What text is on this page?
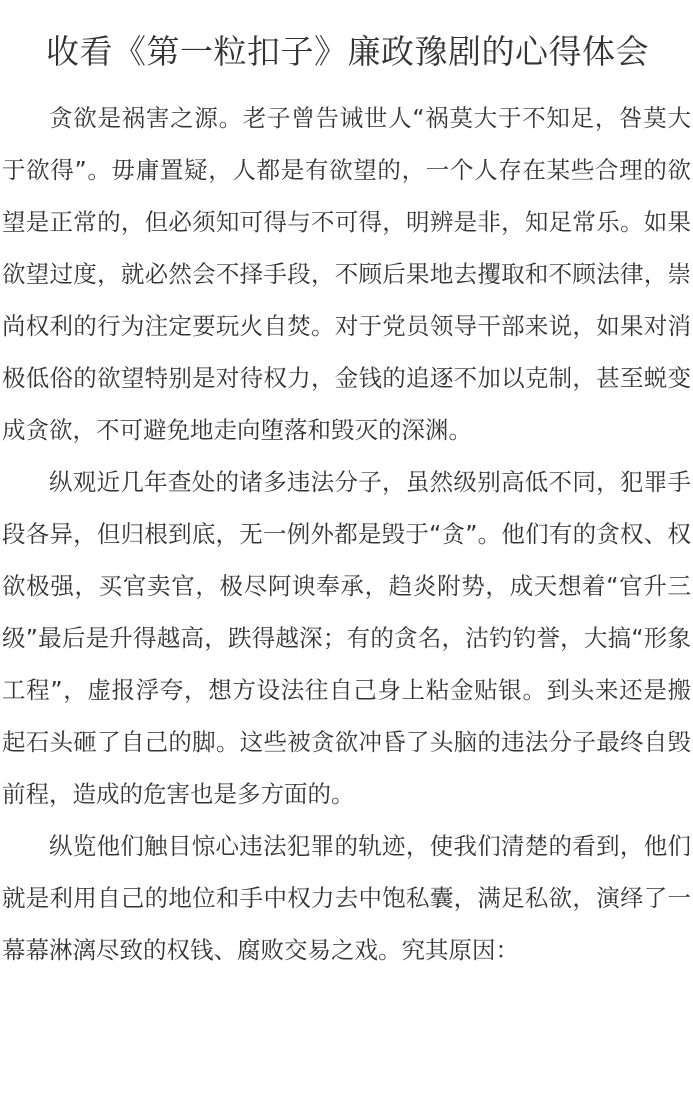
收看《第一粒扣子》廉政豫剧的心得体会

贪欲是祸害之源。老子曾告诫世人“祸莫大于不知足，咎莫大于欲得”。毋庸置疑，人都是有欲望的，一个人存在某些合理的欲望是正常的，但必须知可得与不可得，明辨是非，知足常乐。如果欲望过度，就必然会不择手段，不顾后果地去攫取和不顾法律，崇尚权利的行为注定要玩火自焚。对于党员领导干部来说，如果对消极低俗的欲望特别是对待权力，金钱的追逐不加以克制，甚至蜕变成贪欲，不可避免地走向堕落和毁灭的深渊。

纵观近几年查处的诸多违法分子，虽然级别高低不同，犯罪手段各异，但归根到底，无一例外都是毁于“贪”。他们有的贪权、权欲极强，买官卖官，极尽阿谀奉承，趋炎附势，成天想着“官升三级”最后是升得越高，跌得越深；有的贪名，沽钓钓誉，大搞“形象工程”，虚报浮夸，想方设法往自己身上粘金贴银。到头来还是搬起石头砸了自己的脚。这些被贪欲冲昏了头脑的违法分子最终自毁前程，造成的危害也是多方面的。

纵览他们触目惊心违法犯罪的轨迹，使我们清楚的看到，他们就是利用自己的地位和手中权力去中饱私囊，满足私欲，演绎了一幕幕淋漓尽致的权钱、腐败交易之戏。究其原因：
